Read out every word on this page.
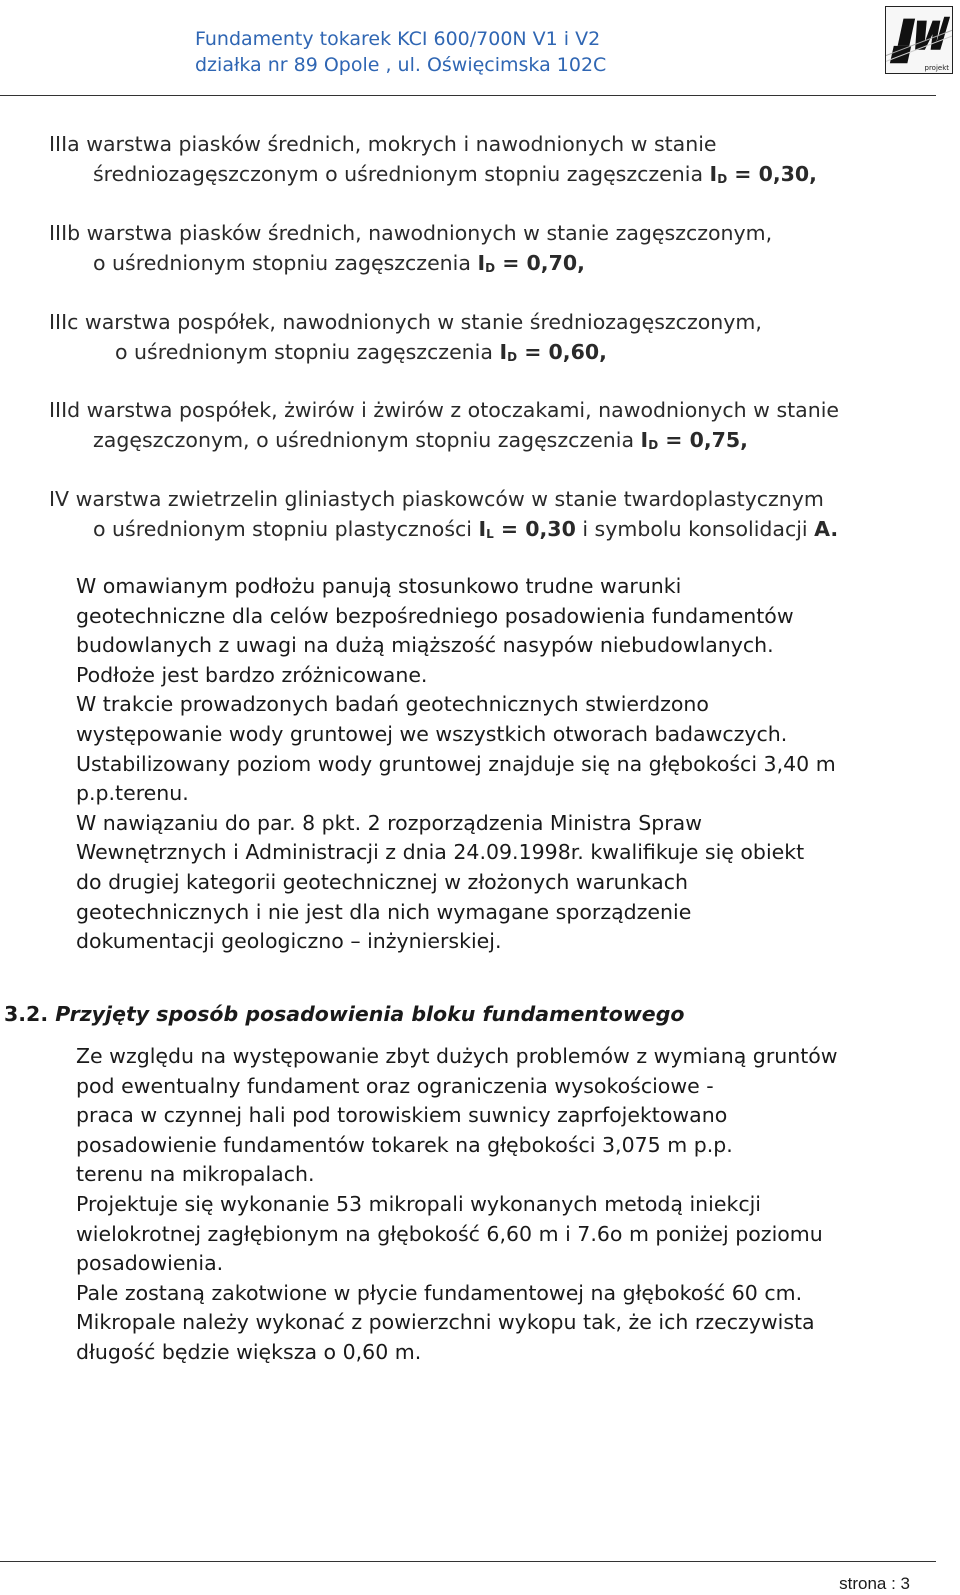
Fundamenty tokarek KCI 600/700N V1 i V2
działka nr 89 Opole , ul. Oświęcimska 102C	projekt
IIIa warstwa piasków średnich, mokrych i nawodnionych w stanie
średniozagęszczonym o uśrednionym stopniu zagęszczenia $I_D = 0,30$,
IIIb warstwa piasków średnich, nawodnionych w stanie zagęszczonym,
o uśrednionym stopniu zagęszczenia $I_D = 0,70$,
IIIc warstwa pospółek, nawodnionych w stanie średniozagęszczonym,
o uśrednionym stopniu zagęszczenia $I_D = 0,60$,
IIId warstwa pospółek, żwirów i żwirów z otoczakami, nawodnionych w stanie
zagęszczonym, o uśrednionym stopniu zagęszczenia $I_D = 0,75$,
IV warstwa zwietrzelin gliniastych piaskowców w stanie twardoplastycznym
o uśrednionym stopniu plastyczności $I_L = 0,30$ i symbolu konsolidacji A.
W omawianym podłożu panują stosunkowo trudne warunki
geotechniczne dla celów bezpośredniego posadowienia fundamentów
budowlanych z uwagi na dużą miąższość nasypów niebudowlanych.
Podłoże jest bardzo zróżnicowane.
W trakcie prowadzonych badań geotechnicznych stwierdzono
występowanie wody gruntowej we wszystkich otworach badawczych.
Ustabilizowany poziom wody gruntowej znajduje się na głębokości 3,40 m
p.p.terenu.
W nawiązaniu do par. 8 pkt. 2 rozporządzenia Ministra Spraw
Wewnętrznych i Administracji z dnia 24.09.1998r. kwalifikuje się obiekt
do drugiej kategorii geotechnicznej w złożonych warunkach
geotechnicznych i nie jest dla nich wymagane sporządzenie
dokumentacji geologiczno – inżynierskiej.
3.2. Przyjęty sposób posadowienia bloku fundamentowego
Ze względu na występowanie zbyt dużych problemów z wymianą gruntów
pod ewentualny fundament oraz ograniczenia wysokościowe -
praca w czynnej hali pod torowiskiem suwnicy zaprfojektowano
posadowienie fundamentów tokarek na głębokości 3,075 m p.p.
terenu na mikropalach.
Projektuje się wykonanie 53 mikropali wykonanych metodą iniekcji
wielokrotnej zagłębionym na głębokość 6,60 m i 7.6o m poniżej poziomu
posadowienia.
Pale zostaną zakotwione w płycie fundamentowej na głębokość 60 cm.
Mikropale należy wykonać z powierzchni wykopu tak, że ich rzeczywista
długość będzie większa o 0,60 m.
strona : 3
